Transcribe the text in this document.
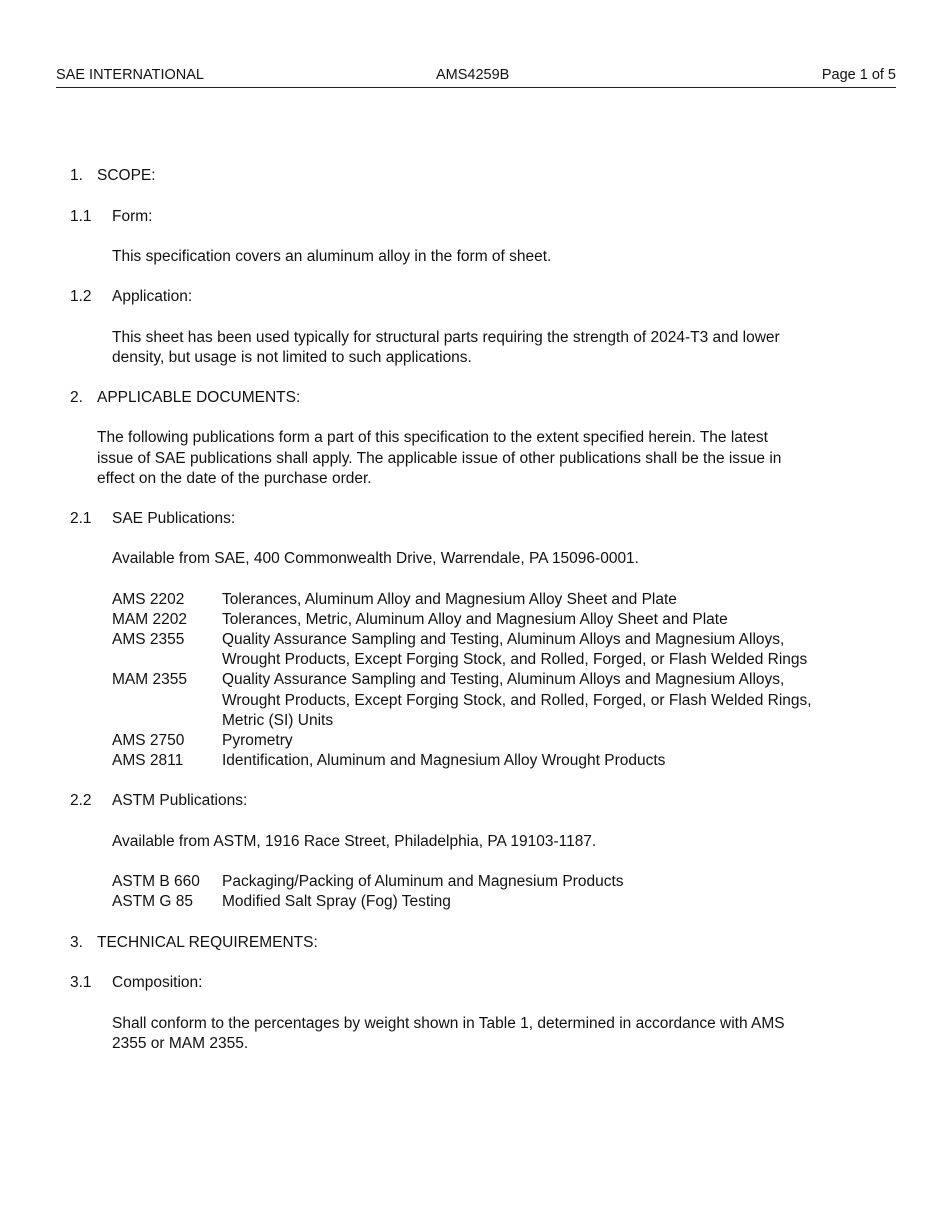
SAE INTERNATIONAL	AMS4259B	Page 1 of 5
1. SCOPE:
1.1 Form:
This specification covers an aluminum alloy in the form of sheet.
1.2 Application:
This sheet has been used typically for structural parts requiring the strength of 2024-T3 and lower
density, but usage is not limited to such applications.
2. APPLICABLE DOCUMENTS:
The following publications form a part of this specification to the extent specified herein. The latest
issue of SAE publications shall apply. The applicable issue of other publications shall be the issue in
effect on the date of the purchase order.
2.1 SAE Publications:
Available from SAE, 400 Commonwealth Drive, Warrendale, PA 15096-0001.
AMS 2202 Tolerances, Aluminum Alloy and Magnesium Alloy Sheet and Plate
MAM 2202 Tolerances, Metric, Aluminum Alloy and Magnesium Alloy Sheet and Plate
AMS 2355 Quality Assurance Sampling and Testing, Aluminum Alloys and Magnesium Alloys,
Wrought Products, Except Forging Stock, and Rolled, Forged, or Flash Welded Rings
MAM 2355 Quality Assurance Sampling and Testing, Aluminum Alloys and Magnesium Alloys,
Wrought Products, Except Forging Stock, and Rolled, Forged, or Flash Welded Rings,
Metric (SI) Units
AMS 2750 Pyrometry
AMS 2811	Identification, Aluminum and Magnesium Alloy Wrought Products
2.2 ASTM Publications:
Available from ASTM, 1916 Race Street, Philadelphia, PA 19103-1187.
ASTM B 660 Packaging/Packing of Aluminum and Magnesium Products
ASTM G 85 Modified Salt Spray (Fog) Testing
3. TECHNICAL REQUIREMENTS:
3.1 Composition:
Shall conform to the percentages by weight shown in Table 1, determined in accordance with AMS
2355 or MAM 2355.
